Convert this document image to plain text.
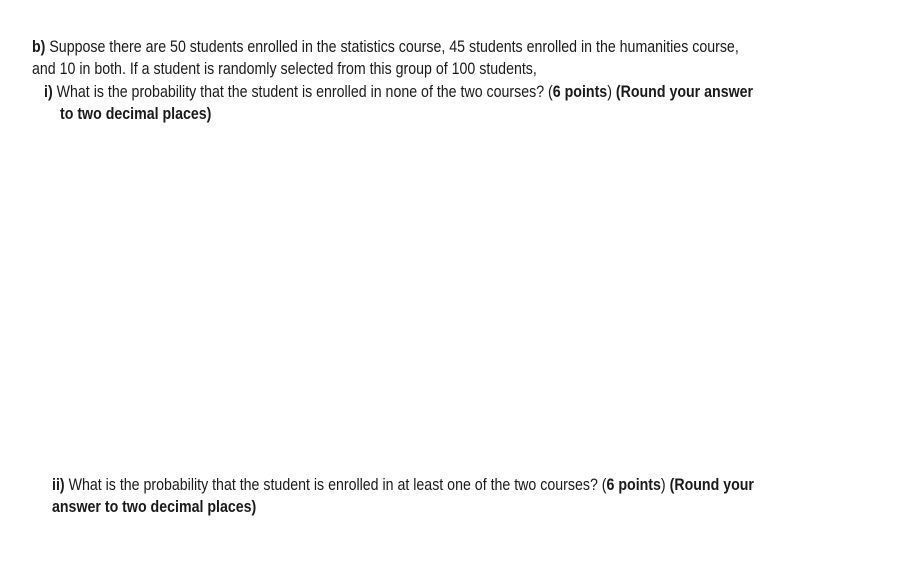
b) Suppose there are 50 students enrolled in the statistics course, 45 students enrolled in the humanities course,
and 10 in both. If a student is randomly selected from this group of 100 students,
i) What is the probability that the student is enrolled in none of the two courses? (6 points) (Round your answer
to two decimal places)
ii) What is the probability that the student is enrolled in at least one of the two courses? (6 points) (Round your
answer to two decimal places)
